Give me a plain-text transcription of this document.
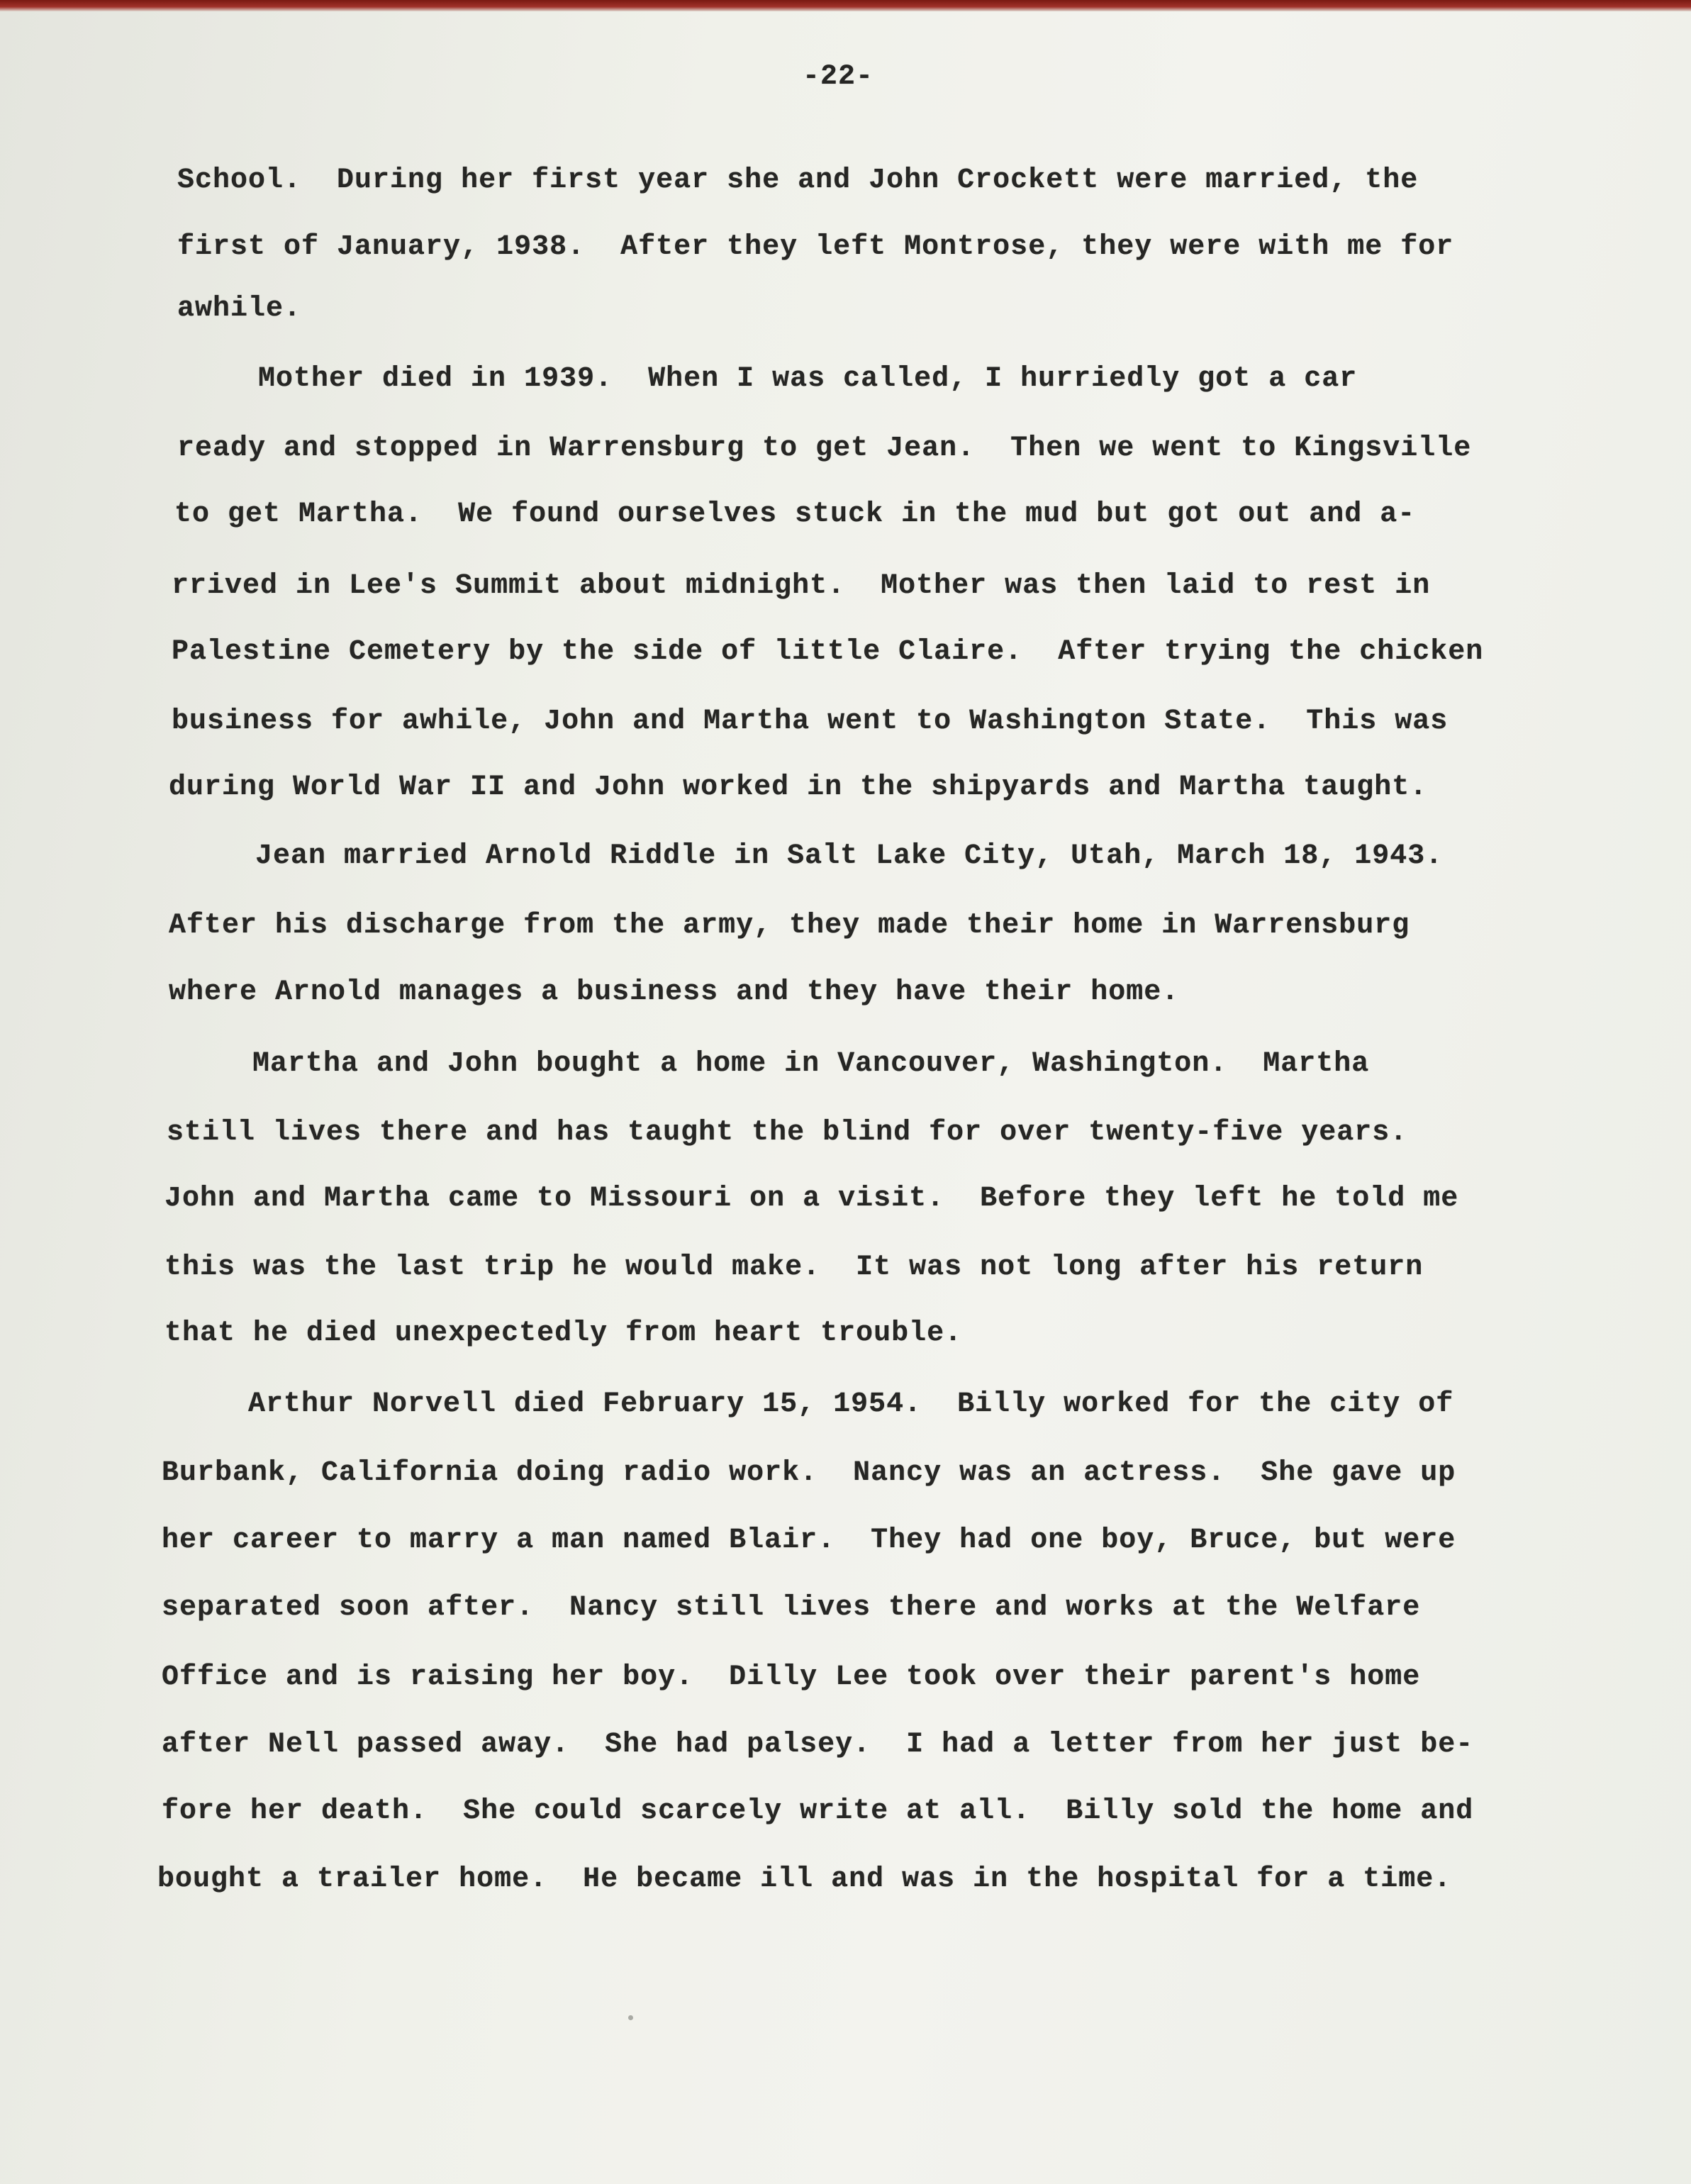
-22-
School.  During her first year she and John Crockett were married, the
first of January, 1938.  After they left Montrose, they were with me for
awhile.
Mother died in 1939.  When I was called, I hurriedly got a car
ready and stopped in Warrensburg to get Jean.  Then we went to Kingsville
to get Martha.  We found ourselves stuck in the mud but got out and a-
rrived in Lee's Summit about midnight.  Mother was then laid to rest in
Palestine Cemetery by the side of little Claire.  After trying the chicken
business for awhile, John and Martha went to Washington State.  This was
during World War II and John worked in the shipyards and Martha taught.
Jean married Arnold Riddle in Salt Lake City, Utah, March 18, 1943.
After his discharge from the army, they made their home in Warrensburg
where Arnold manages a business and they have their home.
Martha and John bought a home in Vancouver, Washington.  Martha
still lives there and has taught the blind for over twenty-five years.
John and Martha came to Missouri on a visit.  Before they left he told me
this was the last trip he would make.  It was not long after his return
that he died unexpectedly from heart trouble.
Arthur Norvell died February 15, 1954.  Billy worked for the city of
Burbank, California doing radio work.  Nancy was an actress.  She gave up
her career to marry a man named Blair.  They had one boy, Bruce, but were
separated soon after.  Nancy still lives there and works at the Welfare
Office and is raising her boy.  Dilly Lee took over their parent's home
after Nell passed away.  She had palsey.  I had a letter from her just be-
fore her death.  She could scarcely write at all.  Billy sold the home and
bought a trailer home.  He became ill and was in the hospital for a time.
